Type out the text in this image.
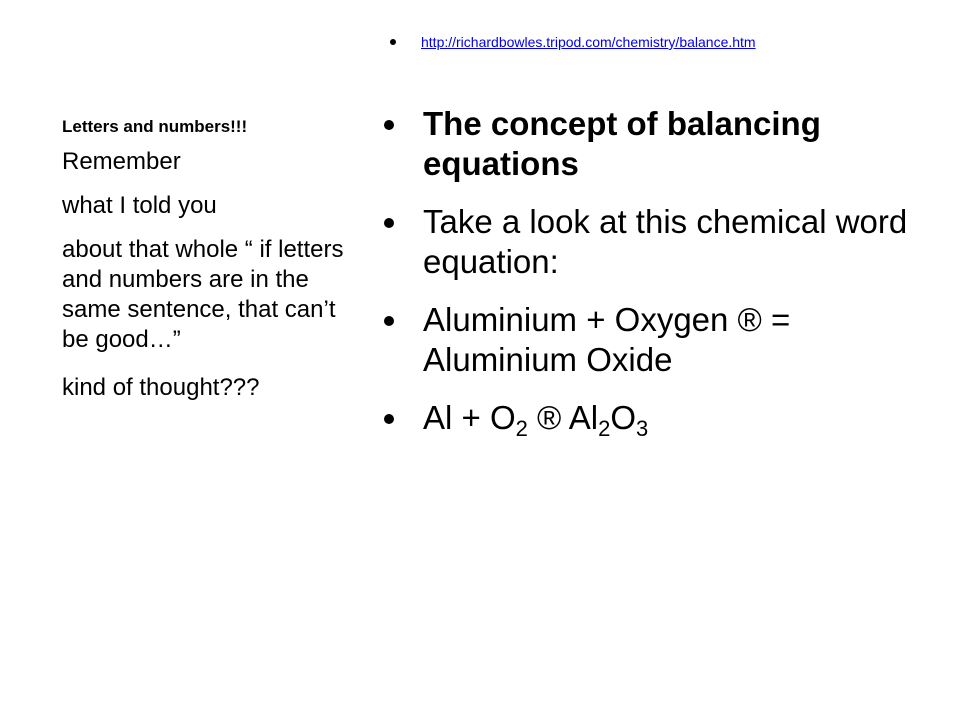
Letters and numbers!!!
Remember
what I told you
about that whole “ if letters and numbers are in the same sentence, that can’t be good…”
kind of thought???
http://richardbowles.tripod.com/chemistry/balance.htm
The concept of balancing equations
Take a look at this chemical word equation:
Aluminium + Oxygen ® = Aluminium Oxide
$Al + O_2$ ® $Al_2O_3$
